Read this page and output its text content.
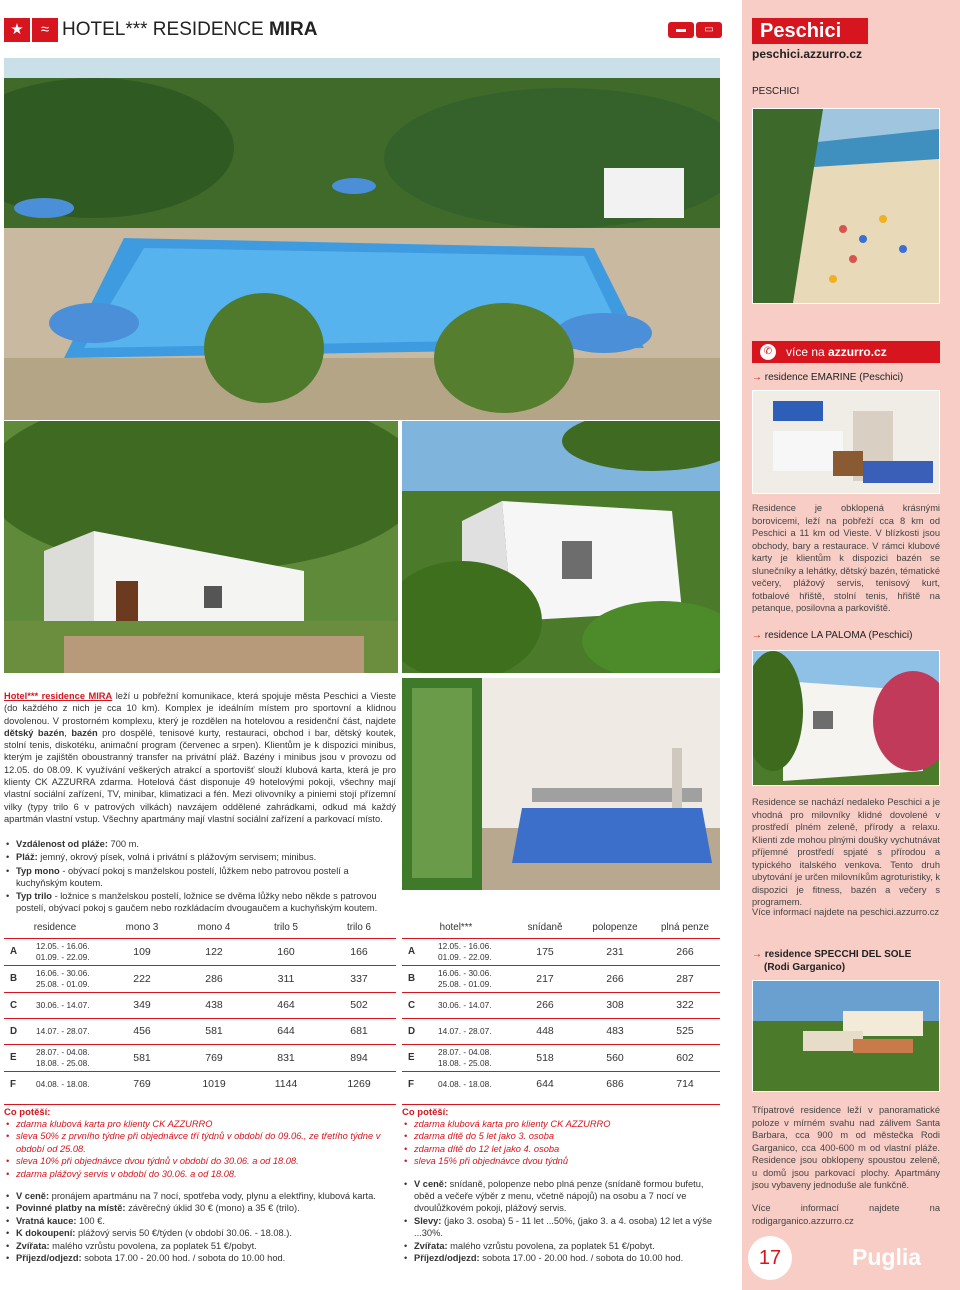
★	≈ HOTEL*** RESIDENCE MIRA	▬	▭
Hotel*** residence MIRA leží u pobřežní komunikace, která spojuje města Peschici a Vieste (do každého z nich je cca 10 km). Komplex je ideálním místem pro sportovní a klidnou dovolenou. V prostorném komplexu, který je rozdělen na hotelovou a residenční část, najdete dětský bazén, bazén pro dospělé, tenisové kurty, restauraci, obchod i bar, dětský koutek, stolní tenis, diskotéku, animační program (červenec a srpen). Klientům je k dispozici minibus, kterým je zajištěn oboustranný transfer na privátní pláž. Bazény i minibus jsou v provozu od 12.05. do 08.09. K využívání veškerých atrakcí a sportovišť slouží klubová karta, která je pro klienty CK AZZURRA zdarma. Hotelová část disponuje 49 hotelovými pokoji, všechny mají vlastní sociální zařízení, TV, minibar, klimatizaci a fén. Mezi olivovníky a piniemi stojí přízemní vilky (typy trilo 6 v patrových vilkách) navzájem oddělené zahrádkami, odkud má každý apartmán vlastní vstup. Všechny apartmány mají vlastní sociální zařízení a parkovací místo.
• Vzdálenost od pláže: 700 m.
• Pláž: jemný, okrový písek, volná i privátní s plážovým servisem; minibus.
• Typ mono - obývací pokoj s manželskou postelí, lůžkem nebo patrovou postelí a kuchyňským koutem.
• Typ trilo - ložnice s manželskou postelí, ložnice se dvěma lůžky nebo někde s patrovou postelí, obývací pokoj s gaučem nebo rozkládacím dvougaučem a kuchyňským koutem.
residence		mono 3	mono 4	trilo 5	trilo 6
A	12.05. - 16.06.
01.09. - 22.09.	109	122	160	166
B	16.06. - 30.06.
25.08. - 01.09.	222	286	311	337
C	30.06. - 14.07.	349	438	464	502
D	14.07. - 28.07.	456	581	644	681
E	28.07. - 04.08.
18.08. - 25.08.	581	769	831	894
F	04.08. - 18.08.	769	1019	1144	1269
hotel***		snídaně	polopenze	plná penze
A	12.05. - 16.06.
01.09. - 22.09.	175	231	266
B	16.06. - 30.06.
25.08. - 01.09.	217	266	287
C	30.06. - 14.07.	266	308	322
D	14.07. - 28.07.	448	483	525
E	28.07. - 04.08.
18.08. - 25.08.	518	560	602
F	04.08. - 18.08.	644	686	714
Co potěší:
• zdarma klubová karta pro klienty CK AZZURRO
• sleva 50% z prvního týdne při objednávce tří týdnů v období do 09.06., ze třetího týdne v období od 25.08.
• sleva 10% při objednávce dvou týdnů v období do 30.06. a od 18.08.
• zdarma plážový servis v období do 30.06. a od 18.08.
• V ceně: pronájem apartmánu na 7 nocí, spotřeba vody, plynu a elektřiny, klubová karta.
• Povinné platby na místě: závěrečný úklid 30 € (mono) a 35 € (trilo).
• Vratná kauce: 100 €.
• K dokoupení: plážový servis 50 €/týden (v období 30.06. - 18.08.).
• Zvířata: malého vzrůstu povolena, za poplatek 51 €/pobyt.
• Příjezd/odjezd: sobota 17.00 - 20.00 hod. / sobota do 10.00 hod.
Co potěší:
• zdarma klubová karta pro klienty CK AZZURRO
• zdarma dítě do 5 let jako 3. osoba
• zdarma dítě do 12 let jako 4. osoba
• sleva 15% při objednávce dvou týdnů
• V ceně: snídaně, polopenze nebo plná penze (snídaně formou bufetu, oběd a večeře výběr z menu, včetně nápojů) na osobu a 7 nocí ve dvoulůžkovém pokoji, plážový servis.
• Slevy: (jako 3. osoba) 5 - 11 let ...50%, (jako 3. a 4. osoba) 12 let a výše ...30%.
• Zvířata: malého vzrůstu povolena, za poplatek 51 €/pobyt.
• Příjezd/odjezd: sobota 17.00 - 20.00 hod. / sobota do 10.00 hod.
Peschici
peschici.azzurro.cz
PESCHICI
✆	více na azzurro.cz
→ residence EMARINE (Peschici)
Residence je obklopená krásnými borovicemi, leží na pobřeží cca 8 km od Peschici a 11 km od Vieste. V blízkosti jsou obchody, bary a restaurace. V rámci klubové karty je klientům k dispozici bazén se slunečníky a lehátky, dětský bazén, tématické večery, plážový servis, tenisový kurt, fotbalové hřiště, stolní tenis, hřiště na petanque, posilovna a parkoviště.
→ residence LA PALOMA (Peschici)
Residence se nachází nedaleko Peschici a je vhodná pro milovníky klidné dovolené v prostředí plném zeleně, přírody a relaxu. Klienti zde mohou plnými doušky vychutnávat příjemné prostředí spjaté s přírodou a typického italského venkova. Tento druh ubytování je určen milovníkům agroturistiky, k dispozici je fitness, bazén a večery s programem.
Více informací najdete na peschici.azzurro.cz
→ residence SPECCHI DEL SOLE
(Rodi Garganico)
Třípatrové residence leží v panoramatické poloze v mírném svahu nad zálivem Santa Barbara, cca 900 m od městečka Rodi Garganico, cca 400-600 m od vlastní pláže. Residence jsou obklopeny spoustou zeleně, u domů jsou parkovací plochy. Apartmány jsou vybaveny jednoduše ale funkčně.
Více informací najdete na rodigarganico.azzurro.cz
17	Puglia
